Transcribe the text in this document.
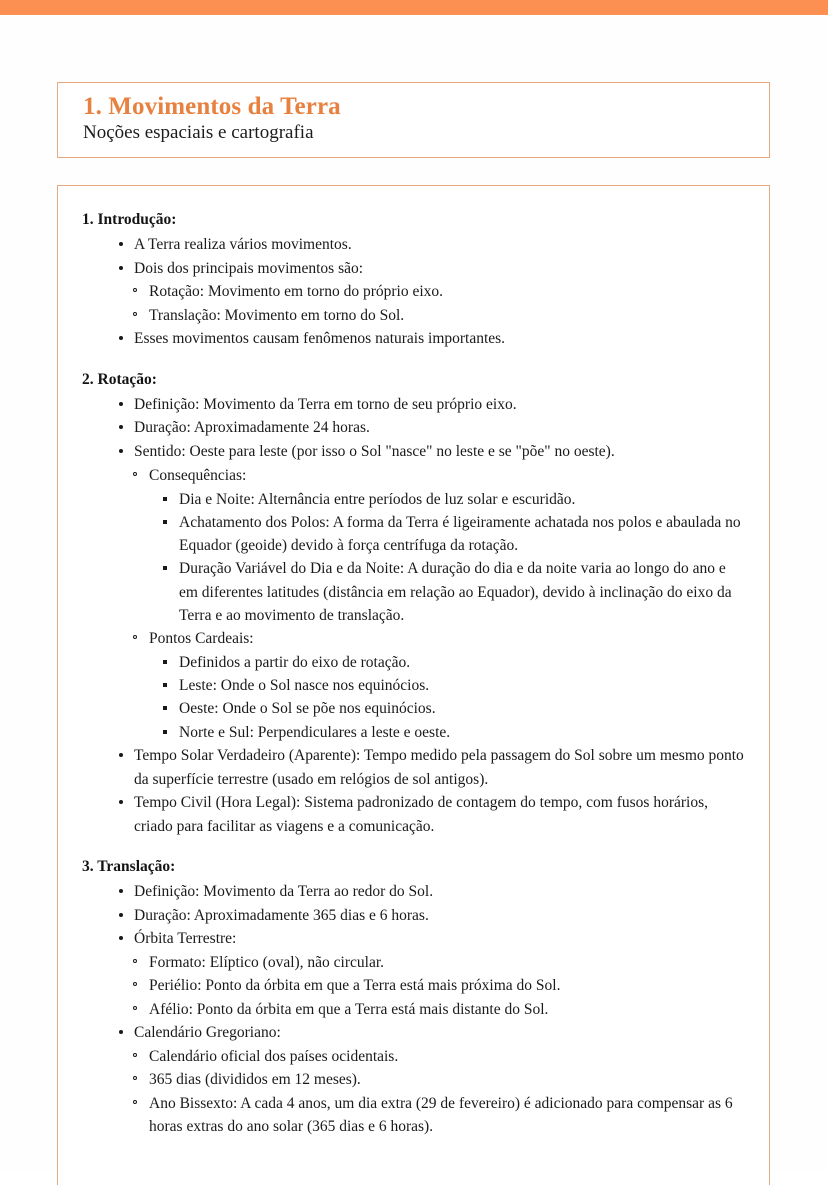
1. Movimentos da Terra
Noções espaciais e cartografia
1. Introdução:
A Terra realiza vários movimentos.
Dois dos principais movimentos são:
Rotação: Movimento em torno do próprio eixo.
Translação: Movimento em torno do Sol.
Esses movimentos causam fenômenos naturais importantes.
2. Rotação:
Definição: Movimento da Terra em torno de seu próprio eixo.
Duração: Aproximadamente 24 horas.
Sentido: Oeste para leste (por isso o Sol "nasce" no leste e se "põe" no oeste).
Consequências:
Dia e Noite: Alternância entre períodos de luz solar e escuridão.
Achatamento dos Polos: A forma da Terra é ligeiramente achatada nos polos e abaulada no Equador (geoide) devido à força centrífuga da rotação.
Duração Variável do Dia e da Noite: A duração do dia e da noite varia ao longo do ano e em diferentes latitudes (distância em relação ao Equador), devido à inclinação do eixo da Terra e ao movimento de translação.
Pontos Cardeais:
Definidos a partir do eixo de rotação.
Leste: Onde o Sol nasce nos equinócios.
Oeste: Onde o Sol se põe nos equinócios.
Norte e Sul: Perpendiculares a leste e oeste.
Tempo Solar Verdadeiro (Aparente): Tempo medido pela passagem do Sol sobre um mesmo ponto da superfície terrestre (usado em relógios de sol antigos).
Tempo Civil (Hora Legal): Sistema padronizado de contagem do tempo, com fusos horários, criado para facilitar as viagens e a comunicação.
3. Translação:
Definição: Movimento da Terra ao redor do Sol.
Duração: Aproximadamente 365 dias e 6 horas.
Órbita Terrestre:
Formato: Elíptico (oval), não circular.
Periélio: Ponto da órbita em que a Terra está mais próxima do Sol.
Afélio: Ponto da órbita em que a Terra está mais distante do Sol.
Calendário Gregoriano:
Calendário oficial dos países ocidentais.
365 dias (divididos em 12 meses).
Ano Bissexto: A cada 4 anos, um dia extra (29 de fevereiro) é adicionado para compensar as 6 horas extras do ano solar (365 dias e 6 horas).
